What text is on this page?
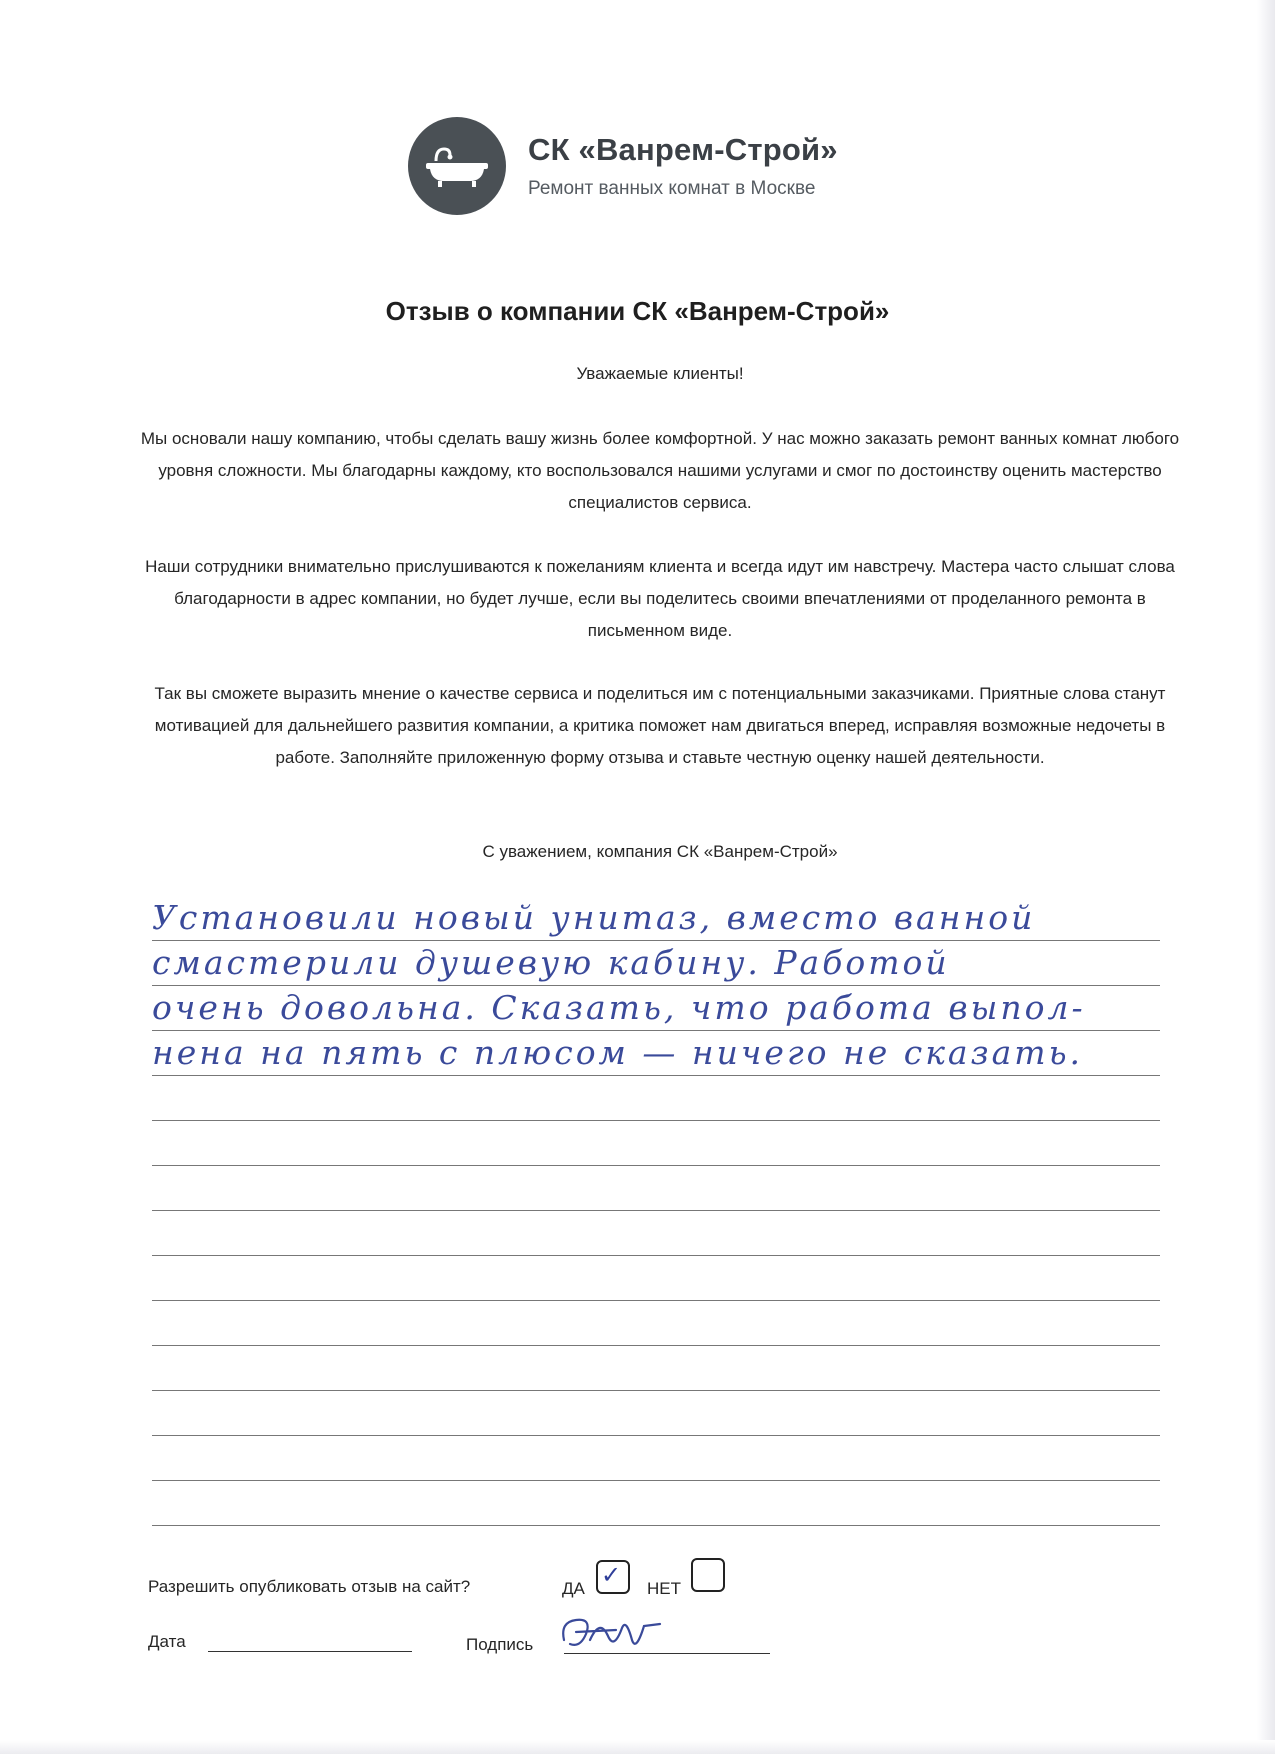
СК «Ванрем-Строй»
Ремонт ванных комнат в Москве
Отзыв о компании СК «Ванрем-Строй»
Уважаемые клиенты!
Мы основали нашу компанию, чтобы сделать вашу жизнь более комфортной. У нас можно заказать ремонт ванных комнат любого уровня сложности. Мы благодарны каждому, кто воспользовался нашими услугами и смог по достоинству оценить мастерство специалистов сервиса.
Наши сотрудники внимательно прислушиваются к пожеланиям клиента и всегда идут им навстречу. Мастера часто слышат слова благодарности в адрес компании, но будет лучше, если вы поделитесь своими впечатлениями от проделанного ремонта в письменном виде.
Так вы сможете выразить мнение о качестве сервиса и поделиться им с потенциальными заказчиками. Приятные слова станут мотивацией для дальнейшего развития компании, а критика поможет нам двигаться вперед, исправляя возможные недочеты в работе. Заполняйте приложенную форму отзыва и ставьте честную оценку нашей деятельности.
С уважением, компания СК «Ванрем-Строй»
Установили новый унитаз, вместо ванной
смастерили душевую кабину. Работой
очень довольна. Сказать, что работа выпол-
нена на пять с плюсом — ничего не сказать.
Разрешить опубликовать отзыв на сайт?	ДА ✓ НЕТ
Дата	Подпись
